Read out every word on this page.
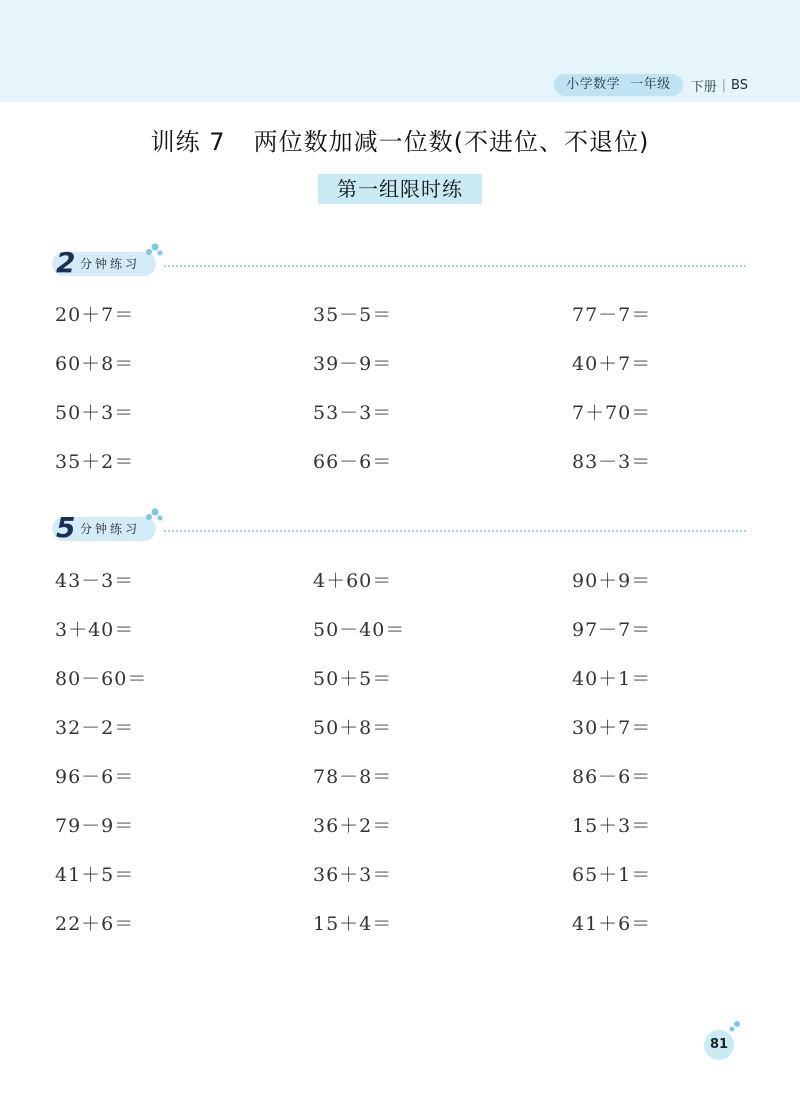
小学数学 一年级	下册 | BS
训练 7 两位数加减一位数(不进位、不退位)
第一组限时练
2 分钟练习
20＋7＝	35－5＝	77－7＝
60＋8＝	39－9＝	40＋7＝
50＋3＝	53－3＝	7＋70＝
35＋2＝	66－6＝	83－3＝
5 分钟练习
43－3＝	4＋60＝	90＋9＝
3＋40＝	50－40＝	97－7＝
80－60＝	50＋5＝	40＋1＝
32－2＝	50＋8＝	30＋7＝
96－6＝	78－8＝	86－6＝
79－9＝	36＋2＝	15＋3＝
41＋5＝	36＋3＝	65＋1＝
22＋6＝	15＋4＝	41＋6＝
81
